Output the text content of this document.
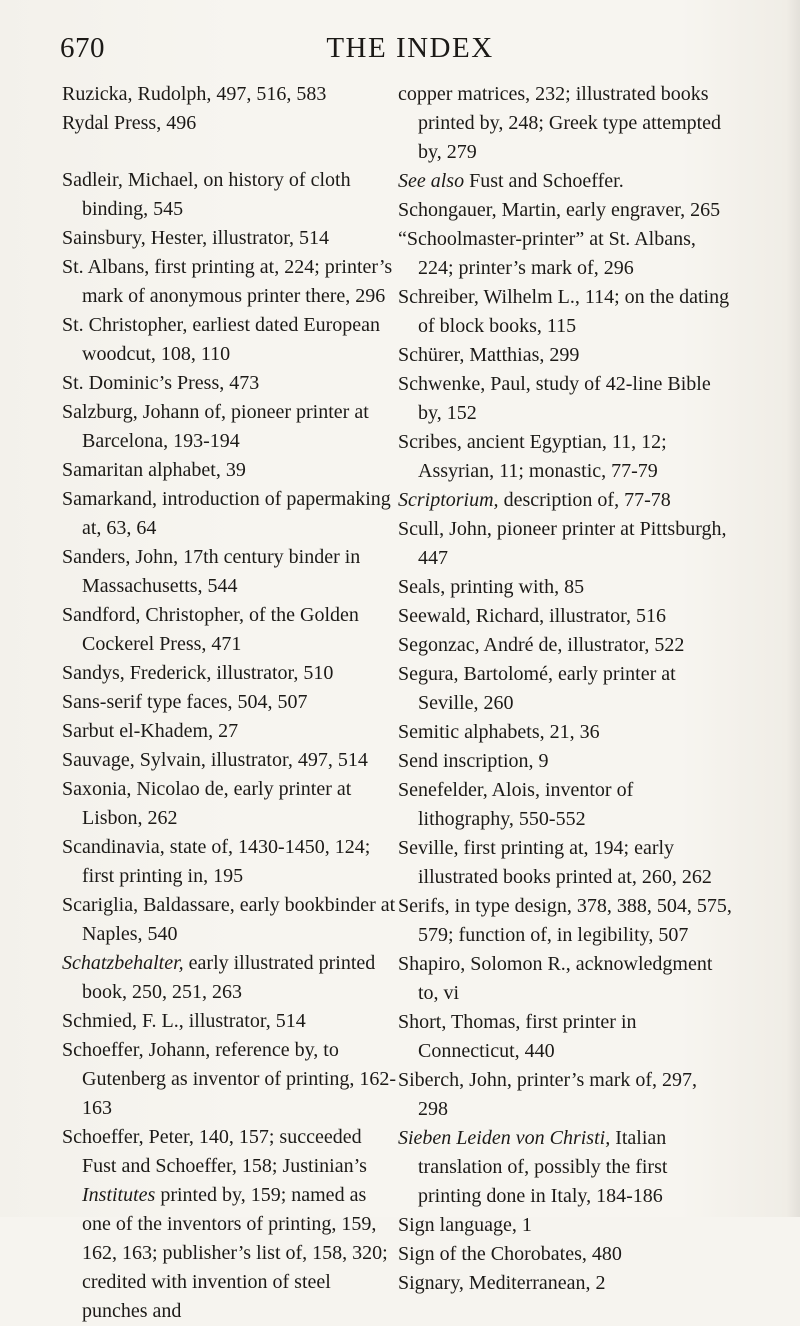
670	THE INDEX

Ruzicka, Rudolph, 497, 516, 583

Rydal Press, 496

Sadleir, Michael, on history of cloth binding, 545

Sainsbury, Hester, illustrator, 514

St. Albans, first printing at, 224; printer’s mark of anonymous printer there, 296

St. Christopher, earliest dated European woodcut, 108, 110

St. Dominic’s Press, 473

Salzburg, Johann of, pioneer printer at Barcelona, 193-194

Samaritan alphabet, 39

Samarkand, introduction of papermaking at, 63, 64

Sanders, John, 17th century binder in Massachusetts, 544

Sandford, Christopher, of the Golden Cockerel Press, 471

Sandys, Frederick, illustrator, 510

Sans-serif type faces, 504, 507

Sarbut el-Khadem, 27

Sauvage, Sylvain, illustrator, 497, 514

Saxonia, Nicolao de, early printer at Lisbon, 262

Scandinavia, state of, 1430-1450, 124; first printing in, 195

Scariglia, Baldassare, early bookbinder at Naples, 540

Schatzbehalter, early illustrated printed book, 250, 251, 263

Schmied, F. L., illustrator, 514

Schoeffer, Johann, reference by, to Gutenberg as inventor of printing, 162-163

Schoeffer, Peter, 140, 157; succeeded Fust and Schoeffer, 158; Justinian’s Institutes printed by, 159; named as one of the inventors of printing, 159, 162, 163; publisher’s list of, 158, 320; credited with invention of steel punches and

copper matrices, 232; illustrated books printed by, 248; Greek type attempted by, 279

See also Fust and Schoeffer.

Schongauer, Martin, early engraver, 265

“Schoolmaster-printer” at St. Albans, 224; printer’s mark of, 296

Schreiber, Wilhelm L., 114; on the dating of block books, 115

Schürer, Matthias, 299

Schwenke, Paul, study of 42-line Bible by, 152

Scribes, ancient Egyptian, 11, 12; Assyrian, 11; monastic, 77-79

Scriptorium, description of, 77-78

Scull, John, pioneer printer at Pittsburgh, 447

Seals, printing with, 85

Seewald, Richard, illustrator, 516

Segonzac, André de, illustrator, 522

Segura, Bartolomé, early printer at Seville, 260

Semitic alphabets, 21, 36

Send inscription, 9

Senefelder, Alois, inventor of lithography, 550-552

Seville, first printing at, 194; early illustrated books printed at, 260, 262

Serifs, in type design, 378, 388, 504, 575, 579; function of, in legibility, 507

Shapiro, Solomon R., acknowledgment to, vi

Short, Thomas, first printer in Connecticut, 440

Siberch, John, printer’s mark of, 297, 298

Sieben Leiden von Christi, Italian translation of, possibly the first printing done in Italy, 184-186

Sign language, 1

Sign of the Chorobates, 480

Signary, Mediterranean, 2
